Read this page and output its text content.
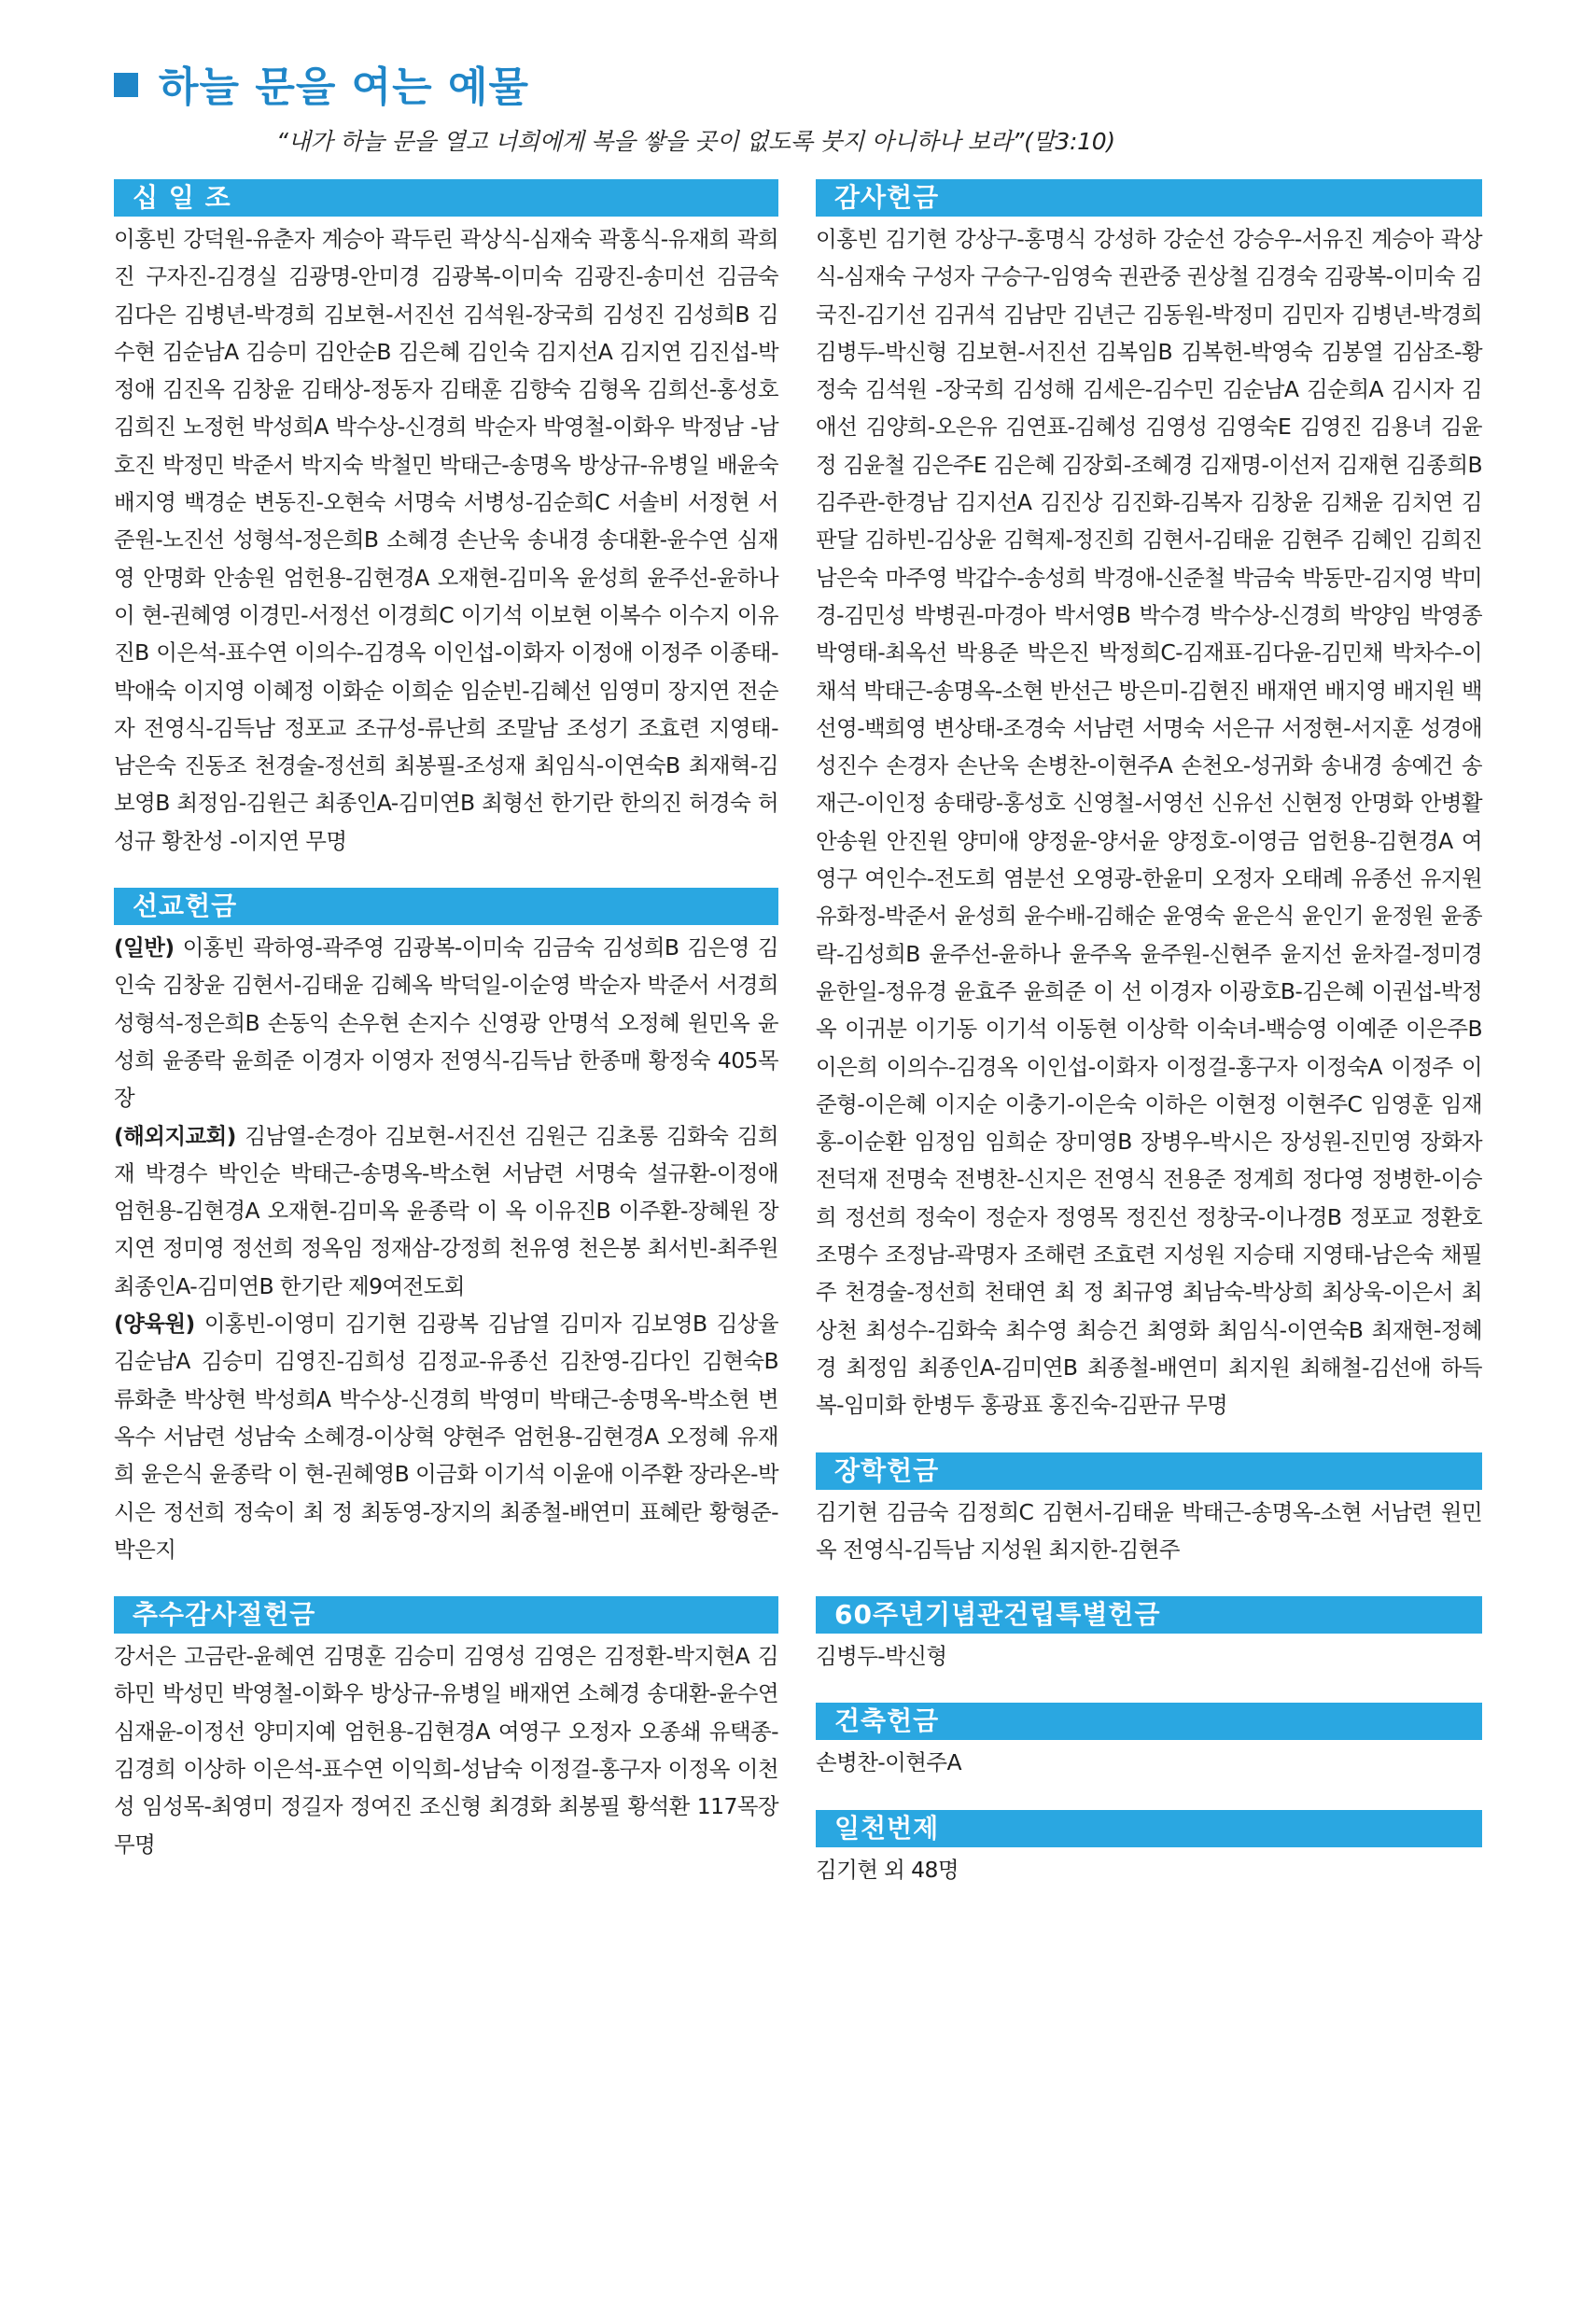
하늘 문을 여는 예물
“내가 하늘 문을 열고 너희에게 복을 쌓을 곳이 없도록 붓지 아니하나 보라”(말3:10)
십 일 조
이홍빈 강덕원-유춘자 계승아 곽두린 곽상식-심재숙 곽홍식-유재희 곽희진 구자진-김경실 김광명-안미경 김광복-이미숙 김광진-송미선 김금숙 김다은 김병년-박경희 김보현-서진선 김석원-장국희 김성진 김성희B 김수현 김순남A 김승미 김안순B 김은혜 김인숙 김지선A 김지연 김진섭-박정애 김진옥 김창윤 김태상-정동자 김태훈 김향숙 김형옥 김희선-홍성호 김희진 노정헌 박성희A 박수상-신경희 박순자 박영철-이화우 박정남 -남호진 박정민 박준서 박지숙 박철민 박태근-송명옥 방상규-유병일 배윤숙 배지영 백경순 변동진-오현숙 서명숙 서병성-김순희C 서솔비 서정현 서준원-노진선 성형석-정은희B 소혜경 손난욱 송내경 송대환-윤수연 심재영 안명화 안송원 엄헌용-김현경A 오재현-김미옥 윤성희 윤주선-윤하나 이 현-권혜영 이경민-서정선 이경희C 이기석 이보현 이복수 이수지 이유진B 이은석-표수연 이의수-김경옥 이인섭-이화자 이정애 이정주 이종태-박애숙 이지영 이혜정 이화순 이희순 임순빈-김혜선 임영미 장지연 전순자 전영식-김득남 정포교 조규성-류난희 조말남 조성기 조효련 지영태-남은숙 진동조 천경술-정선희 최봉필-조성재 최임식-이연숙B 최재혁-김보영B 최정임-김원근 최종인A-김미연B 최형선 한기란 한의진 허경숙 허성규 황찬성 -이지연 무명
선교헌금

(일반) 이홍빈 곽하영-곽주영 김광복-이미숙 김금숙 김성희B 김은영 김인숙 김창윤 김현서-김태윤 김혜옥 박덕일-이순영 박순자 박준서 서경희 성형석-정은희B 손동익 손우현 손지수 신영광 안명석 오정혜 원민옥 윤성희 윤종락 윤희준 이경자 이영자 전영식-김득남 한종매 황정숙 405목장

(해외지교회) 김남열-손경아 김보현-서진선 김원근 김초롱 김화숙 김희재 박경수 박인순 박태근-송명옥-박소현 서남련 서명숙 설규환-이정애 엄헌용-김현경A 오재현-김미옥 윤종락 이 옥 이유진B 이주환-장혜원 장지연 정미영 정선희 정옥임 정재삼-강정희 천유영 천은봉 최서빈-최주원 최종인A-김미연B 한기란 제9여전도회

(양육원) 이홍빈-이영미 김기현 김광복 김남열 김미자 김보영B 김상율 김순남A 김승미 김영진-김희성 김정교-유종선 김찬영-김다인 김현숙B 류화춘 박상현 박성희A 박수상-신경희 박영미 박태근-송명옥-박소현 변옥수 서남련 성남숙 소혜경-이상혁 양현주 엄헌용-김현경A 오정혜 유재희 윤은식 윤종락 이 현-권혜영B 이금화 이기석 이윤애 이주환 장라온-박시은 정선희 정숙이 최 정 최동영-장지의 최종철-배연미 표혜란 황형준-박은지

추수감사절헌금
강서은 고금란-윤혜연 김명훈 김승미 김영성 김영은 김정환-박지현A 김하민 박성민 박영철-이화우 방상규-유병일 배재연 소혜경 송대환-윤수연 심재윤-이정선 양미지예 엄헌용-김현경A 여영구 오정자 오종쇄 유택종-김경희 이상하 이은석-표수연 이익희-성남숙 이정걸-홍구자 이정옥 이천성 임성목-최영미 정길자 정여진 조신형 최경화 최봉필 황석환 117목장 무명
감사헌금
이홍빈 김기현 강상구-홍명식 강성하 강순선 강승우-서유진 계승아 곽상식-심재숙 구성자 구승구-임영숙 권관중 권상철 김경숙 김광복-이미숙 김국진-김기선 김귀석 김남만 김년근 김동원-박정미 김민자 김병년-박경희 김병두-박신형 김보현-서진선 김복임B 김복헌-박영숙 김봉열 김삼조-황정숙 김석원 -장국희 김성해 김세은-김수민 김순남A 김순희A 김시자 김애선 김양희-오은유 김연표-김혜성 김영성 김영숙E 김영진 김용녀 김윤정 김윤철 김은주E 김은혜 김장회-조혜경 김재명-이선저 김재현 김종희B 김주관-한경남 김지선A 김진상 김진화-김복자 김창윤 김채윤 김치연 김판달 김하빈-김상윤 김혁제-정진희 김현서-김태윤 김현주 김혜인 김희진 남은숙 마주영 박갑수-송성희 박경애-신준철 박금숙 박동만-김지영 박미경-김민성 박병권-마경아 박서영B 박수경 박수상-신경희 박양임 박영종 박영태-최옥선 박용준 박은진 박정희C-김재표-김다윤-김민채 박차수-이채석 박태근-송명옥-소현 반선근 방은미-김현진 배재연 배지영 배지원 백선영-백희영 변상태-조경숙 서남련 서명숙 서은규 서정현-서지훈 성경애 성진수 손경자 손난욱 손병찬-이현주A 손천오-성귀화 송내경 송예건 송재근-이인정 송태랑-홍성호 신영철-서영선 신유선 신현정 안명화 안병활 안송원 안진원 양미애 양정윤-양서윤 양정호-이영금 엄헌용-김현경A 여영구 여인수-전도희 염분선 오영광-한윤미 오정자 오태례 유종선 유지원 유화정-박준서 윤성희 윤수배-김해순 윤영숙 윤은식 윤인기 윤정원 윤종락-김성희B 윤주선-윤하나 윤주옥 윤주원-신현주 윤지선 윤차걸-정미경 윤한일-정유경 윤효주 윤희준 이 선 이경자 이광호B-김은혜 이권섭-박정옥 이귀분 이기동 이기석 이동현 이상학 이숙녀-백승영 이예준 이은주B 이은희 이의수-김경옥 이인섭-이화자 이정걸-홍구자 이정숙A 이정주 이준형-이은혜 이지순 이충기-이은숙 이하은 이현정 이현주C 임영훈 임재홍-이순환 임정임 임희순 장미영B 장병우-박시은 장성원-진민영 장화자 전덕재 전명숙 전병찬-신지은 전영식 전용준 정계희 정다영 정병한-이승희 정선희 정숙이 정순자 정영목 정진선 정창국-이나경B 정포교 정환호 조명수 조정남-곽명자 조해련 조효련 지성원 지승태 지영태-남은숙 채필주 천경술-정선희 천태연 최 정 최규영 최남숙-박상희 최상욱-이은서 최상천 최성수-김화숙 최수영 최승건 최영화 최임식-이연숙B 최재현-정혜경 최정임 최종인A-김미연B 최종철-배연미 최지원 최해철-김선애 하득복-임미화 한병두 홍광표 홍진숙-김판규 무명
장학헌금
김기현 김금숙 김정희C 김현서-김태윤 박태근-송명옥-소현 서남련 원민옥 전영식-김득남 지성원 최지한-김현주
60주년기념관건립특별헌금
김병두-박신형
건축헌금
손병찬-이현주A
일천번제
김기현 외 48명
